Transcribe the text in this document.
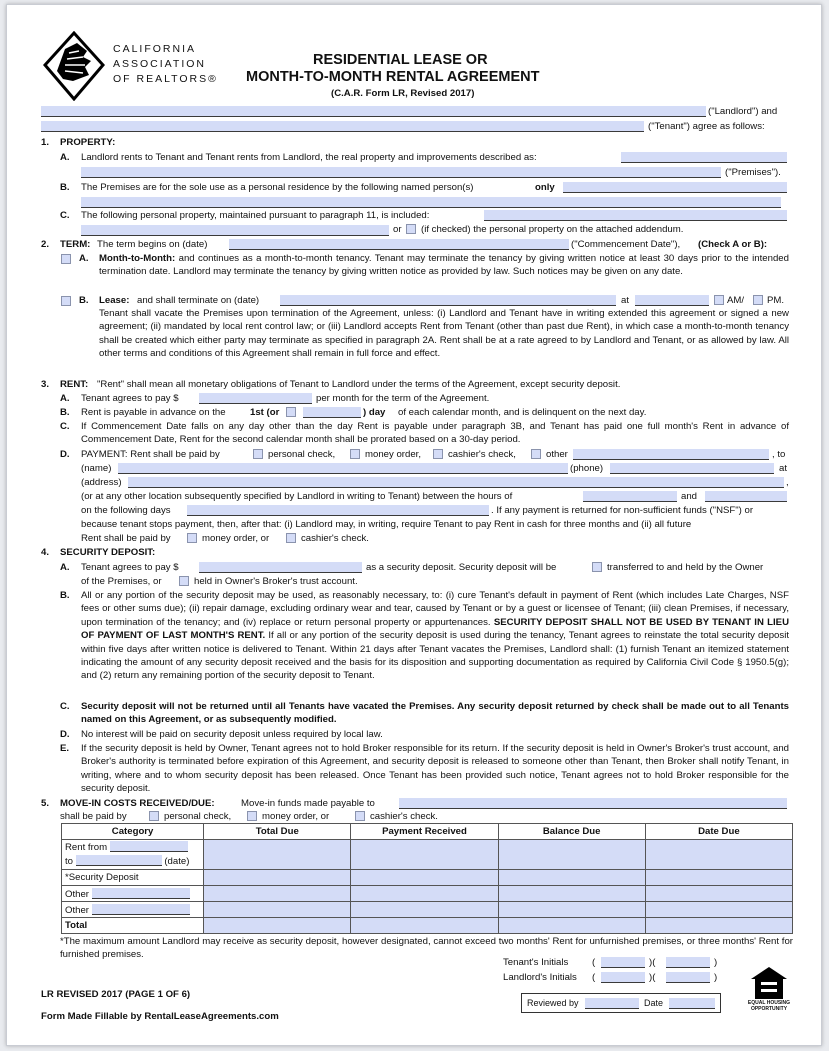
CALIFORNIA
ASSOCIATION
OF REALTORS®
RESIDENTIAL LEASE OR
MONTH-TO-MONTH RENTAL AGREEMENT
(C.A.R. Form LR, Revised 2017)
("Landlord") and
("Tenant") agree as follows:
1. PROPERTY:
A. Landlord rents to Tenant and Tenant rents from Landlord, the real property and improvements described as:
("Premises").
B. The Premises are for the sole use as a personal residence by the following named person(s)	only
C. The following personal property, maintained pursuant to paragraph 11, is included:
or (if checked) the personal property on the attached addendum.
2. TERM: The term begins on (date)	("Commencement Date"), (Check A or B):
A. Month-to-Month: and continues as a month-to-month tenancy. Tenant may terminate the tenancy by giving written notice at least 30 days prior to the intended termination date. Landlord may terminate the tenancy by giving written notice as provided by law. Such notices may be given on any date.
B. Lease: and shall terminate on (date)	at	AM/ PM.
Tenant shall vacate the Premises upon termination of the Agreement, unless: (i) Landlord and Tenant have in writing extended this agreement or signed a new agreement; (ii) mandated by local rent control law; or (iii) Landlord accepts Rent from Tenant (other than past due Rent), in which case a month-to-month tenancy shall be created which either party may terminate as specified in paragraph 2A. Rent shall be at a rate agreed to by Landlord and Tenant, or as allowed by law. All other terms and conditions of this Agreement shall remain in full force and effect.
3. RENT: "Rent" shall mean all monetary obligations of Tenant to Landlord under the terms of the Agreement, except security deposit.
A. Tenant agrees to pay $	per month for the term of the Agreement.
B. Rent is payable in advance on the	1st (or	) day of each calendar month, and is delinquent on the next day.
C. If Commencement Date falls on any day other than the day Rent is payable under paragraph 3B, and Tenant has paid one full month's Rent in advance of Commencement Date, Rent for the second calendar month shall be prorated based on a 30-day period.
D. PAYMENT: Rent shall be paid by	personal check,	money order,	cashier's check,	other	, to
(name)	(phone)	at
(address)	,
(or at any other location subsequently specified by Landlord in writing to Tenant) between the hours of	and
on the following days	. If any payment is returned for non-sufficient funds ("NSF") or
because tenant stops payment, then, after that: (i) Landlord may, in writing, require Tenant to pay Rent in cash for three months and (ii) all future
Rent shall be paid by	money order, or	cashier's check.
4. SECURITY DEPOSIT:
A. Tenant agrees to pay $	as a security deposit. Security deposit will be	transferred to and held by the Owner
of the Premises, or	held in Owner's Broker's trust account.
B. All or any portion of the security deposit may be used, as reasonably necessary, to: (i) cure Tenant's default in payment of Rent (which includes Late Charges, NSF fees or other sums due); (ii) repair damage, excluding ordinary wear and tear, caused by Tenant or by a guest or licensee of Tenant; (iii) clean Premises, if necessary, upon termination of the tenancy; and (iv) replace or return personal property or appurtenances. SECURITY DEPOSIT SHALL NOT BE USED BY TENANT IN LIEU OF PAYMENT OF LAST MONTH'S RENT. If all or any portion of the security deposit is used during the tenancy, Tenant agrees to reinstate the total security deposit within five days after written notice is delivered to Tenant. Within 21 days after Tenant vacates the Premises, Landlord shall: (1) furnish Tenant an itemized statement indicating the amount of any security deposit received and the basis for its disposition and supporting documentation as required by California Civil Code § 1950.5(g); and (2) return any remaining portion of the security deposit to Tenant.
C. Security deposit will not be returned until all Tenants have vacated the Premises. Any security deposit returned by check shall be made out to all Tenants named on this Agreement, or as subsequently modified.
D. No interest will be paid on security deposit unless required by local law.
E. If the security deposit is held by Owner, Tenant agrees not to hold Broker responsible for its return. If the security deposit is held in Owner's Broker's trust account, and Broker's authority is terminated before expiration of this Agreement, and security deposit is released to someone other than Tenant, then Broker shall notify Tenant, in writing, where and to whom security deposit has been released. Once Tenant has been provided such notice, Tenant agrees not to hold Broker responsible for the security deposit.
5. MOVE-IN COSTS RECEIVED/DUE:	Move-in funds made payable to
shall be paid by	personal check,	money order, or	cashier's check.
Category	Total Due	Payment Received	Balance Due	Date Due
Rent from
to (date)				
*Security Deposit				
Other				
Other				
Total				
*The maximum amount Landlord may receive as security deposit, however designated, cannot exceed two months' Rent for unfurnished premises, or three months' Rent for furnished premises.
Tenant's Initials (	)(	)
Landlord's Initials (	)(	)
LR REVISED 2017 (PAGE 1 OF 6)
Reviewed by	Date
Form Made Fillable by RentalLeaseAgreements.com
EQUAL HOUSING
OPPORTUNITY
